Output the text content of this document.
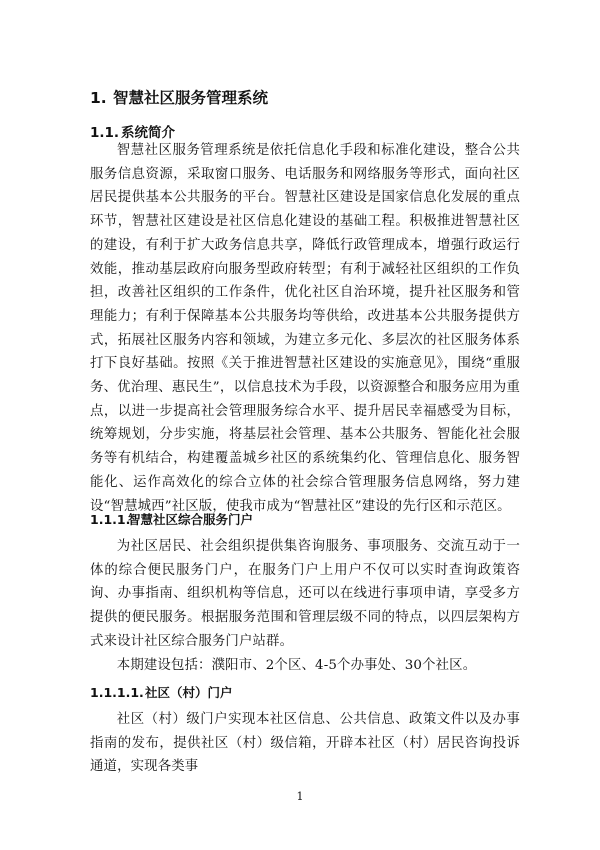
1. 智慧社区服务管理系统
1.1. 系统简介

智慧社区服务管理系统是依托信息化手段和标准化建设，整合公共服务信息资源，采取窗口服务、电话服务和网络服务等形式，面向社区居民提供基本公共服务的平台。智慧社区建设是国家信息化发展的重点环节，智慧社区建设是社区信息化建设的基础工程。积极推进智慧社区的建设，有利于扩大政务信息共享，降低行政管理成本，增强行政运行效能，推动基层政府向服务型政府转型；有利于减轻社区组织的工作负担，改善社区组织的工作条件，优化社区自治环境，提升社区服务和管理能力；有利于保障基本公共服务均等供给，改进基本公共服务提供方式，拓展社区服务内容和领域，为建立多元化、多层次的社区服务体系打下良好基础。按照《关于推进智慧社区建设的实施意见》，围绕“重服务、优治理、惠民生”，以信息技术为手段，以资源整合和服务应用为重点，以进一步提高社会管理服务综合水平、提升居民幸福感受为目标，统筹规划，分步实施，将基层社会管理、基本公共服务、智能化社会服务等有机结合，构建覆盖城乡社区的系统集约化、管理信息化、服务智能化、运作高效化的综合立体的社会综合管理服务信息网络，努力建设“智慧城西”社区版，使我市成为“智慧社区”建设的先行区和示范区。

1.1.1.智慧社区综合服务门户

为社区居民、社会组织提供集咨询服务、事项服务、交流互动于一体的综合便民服务门户，在服务门户上用户不仅可以实时查询政策咨询、办事指南、组织机构等信息，还可以在线进行事项申请，享受多方提供的便民服务。根据服务范围和管理层级不同的特点，以四层架构方式来设计社区综合服务门户站群。

本期建设包括：濮阳市、2个区、4-5个办事处、30个社区。

1.1.1.1.社区（村）门户

社区（村）级门户实现本社区信息、公共信息、政策文件以及办事指南的发布，提供社区（村）级信箱，开辟本社区（村）居民咨询投诉通道，实现各类事

1
